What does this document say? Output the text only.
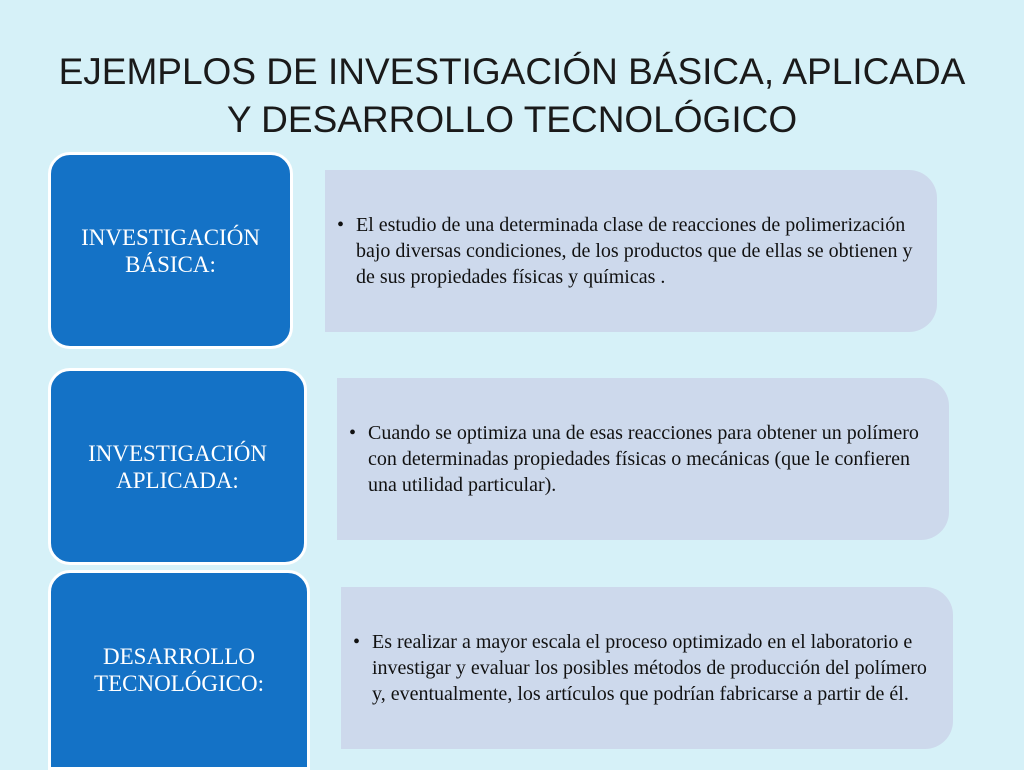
EJEMPLOS DE INVESTIGACIÓN BÁSICA, APLICADA
Y DESARROLLO TECNOLÓGICO
• El estudio de una determinada clase de reacciones de polimerización bajo diversas condiciones, de los productos que de ellas se obtienen y de sus propiedades físicas y químicas .
INVESTIGACIÓN BÁSICA:
• Cuando se optimiza una de esas reacciones para obtener un polímero con determinadas propiedades físicas o mecánicas (que le confieren una utilidad particular).
INVESTIGACIÓN APLICADA:
• Es realizar a mayor escala el proceso optimizado en el laboratorio e investigar y evaluar los posibles métodos de producción del polímero y, eventualmente, los artículos que podrían fabricarse a partir de él.
DESARROLLO TECNOLÓGICO:
